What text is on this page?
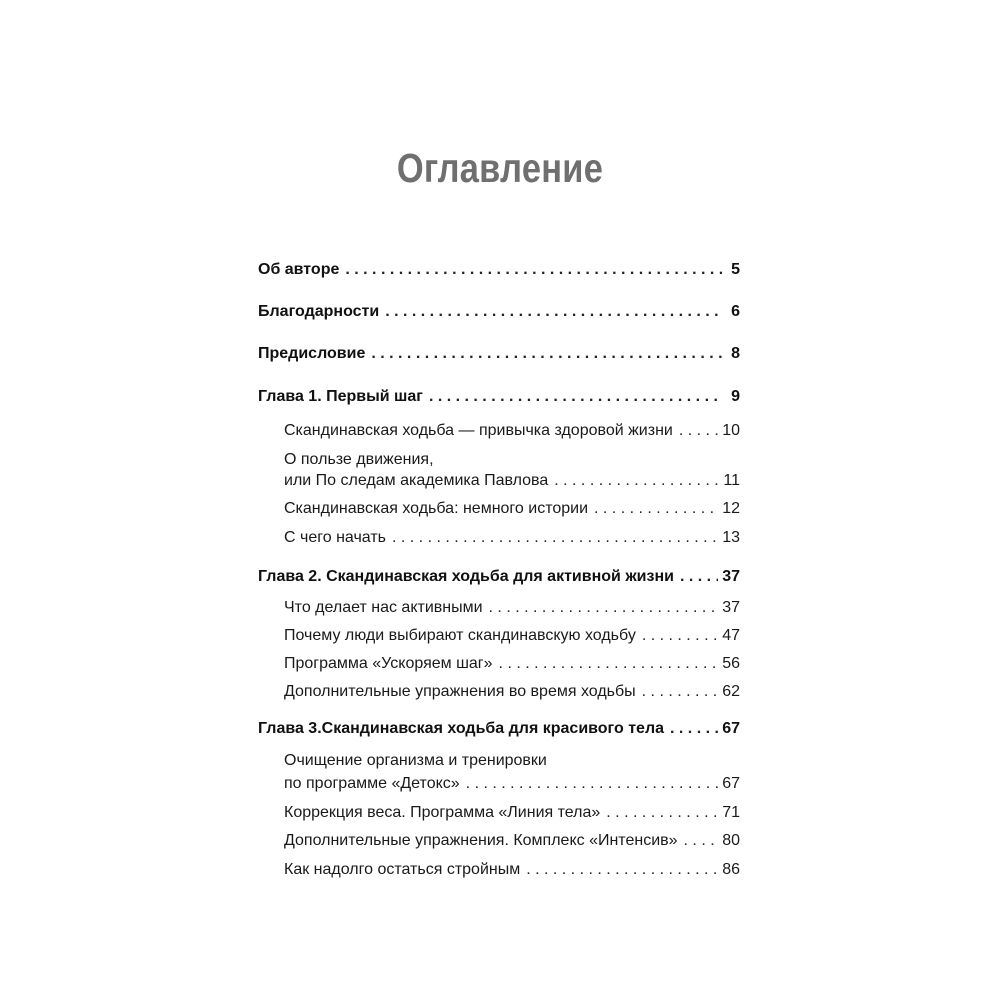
Оглавление
Об авторе . . .	5
Благодарности . . .	6
Предисловие . . .	8
Глава 1. Первый шаг . . .	9
Скандинавская ходьба — привычка здоровой жизни . . .	10
О пользе движения,
или По следам академика Павлова . . .	11
Скандинавская ходьба: немного истории . . .	12
С чего начать . . .	13
Глава 2. Скандинавская ходьба для активной жизни . . .	37
Что делает нас активными . . .	37
Почему люди выбирают скандинавскую ходьбу . . .	47
Программа «Ускоряем шаг» . . .	56
Дополнительные упражнения во время ходьбы . . .	62
Глава 3.Скандинавская ходьба для красивого тела . . .	67
Очищение организма и тренировки
по программе «Детокс» . . .	67
Коррекция веса. Программа «Линия тела» . . .	71
Дополнительные упражнения. Комплекс «Интенсив» . . .	80
Как надолго остаться стройным . . .	86
